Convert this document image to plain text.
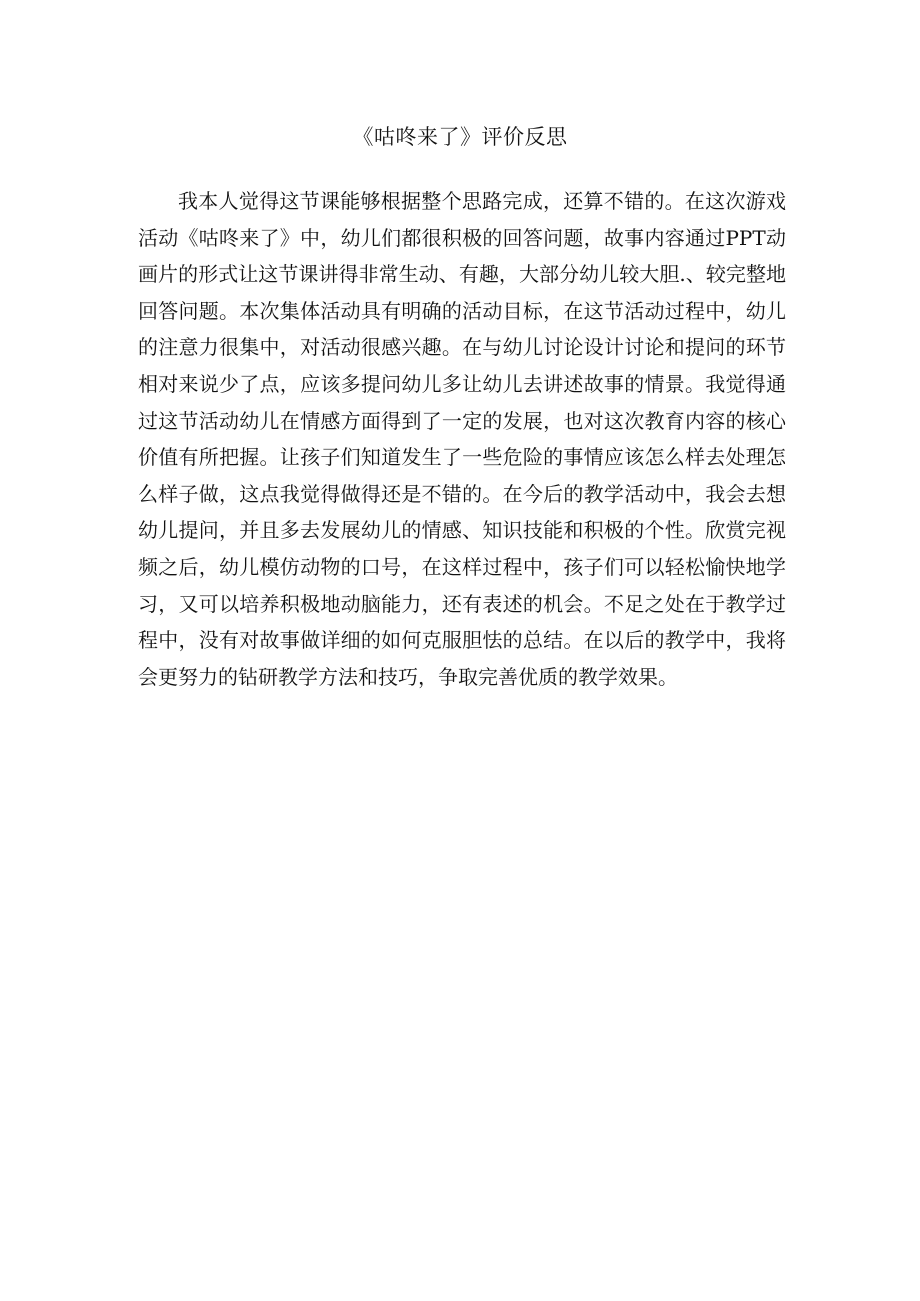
《咕咚来了》评价反思

我本人觉得这节课能够根据整个思路完成，还算不错的。在这次游戏活动《咕咚来了》中，幼儿们都很积极的回答问题，故事内容通过PPT动画片的形式让这节课讲得非常生动、有趣，大部分幼儿较大胆.、较完整地回答问题。本次集体活动具有明确的活动目标，在这节活动过程中，幼儿的注意力很集中，对活动很感兴趣。在与幼儿讨论设计讨论和提问的环节相对来说少了点，应该多提问幼儿多让幼儿去讲述故事的情景。我觉得通过这节活动幼儿在情感方面得到了一定的发展，也对这次教育内容的核心价值有所把握。让孩子们知道发生了一些危险的事情应该怎么样去处理怎么样子做，这点我觉得做得还是不错的。在今后的教学活动中，我会去想幼儿提问，并且多去发展幼儿的情感、知识技能和积极的个性。欣赏完视频之后，幼儿模仿动物的口号，在这样过程中，孩子们可以轻松愉快地学习，又可以培养积极地动脑能力，还有表述的机会。不足之处在于教学过程中，没有对故事做详细的如何克服胆怯的总结。在以后的教学中，我将会更努力的钻研教学方法和技巧，争取完善优质的教学效果。
